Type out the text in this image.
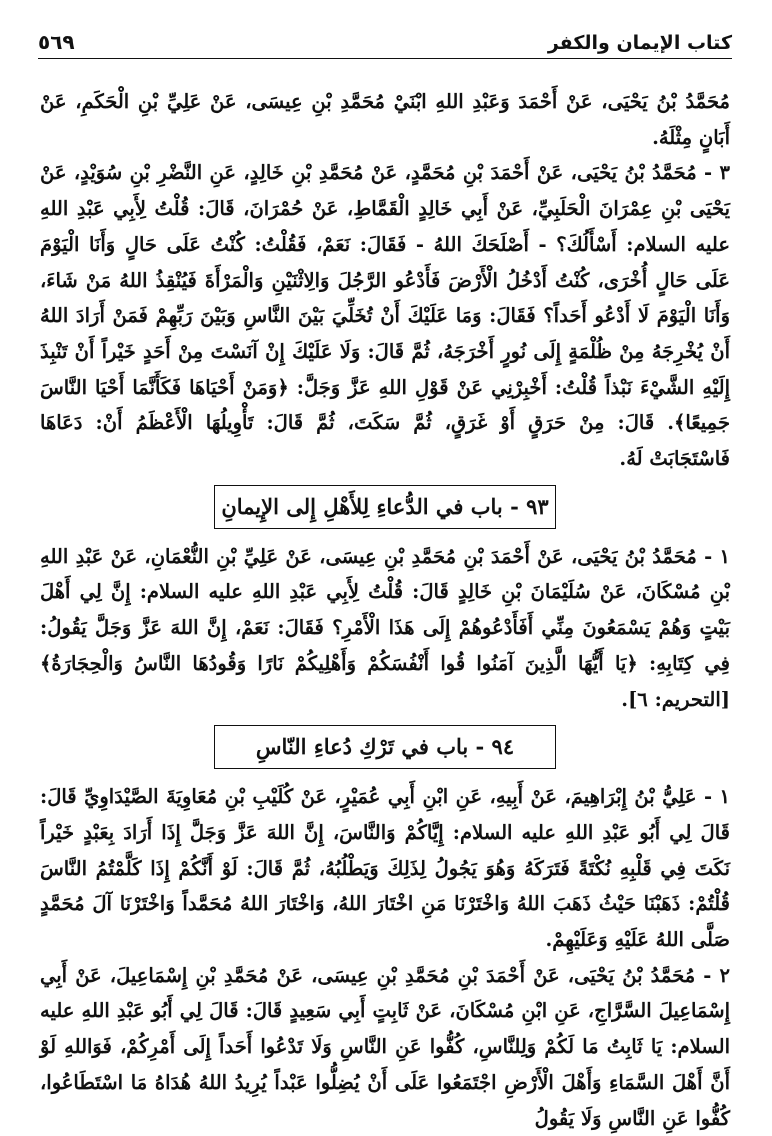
كتاب الإيمان والكفر
٥٦٩

مُحَمَّدُ بْنُ يَحْيَى، عَنْ أَحْمَدَ وَعَبْدِ اللهِ ابْنَيْ مُحَمَّدِ بْنِ عِيسَى، عَنْ عَلِيِّ بْنِ الْحَكَمِ، عَنْ أَبَانٍ مِثْلَهُ.

٣ - مُحَمَّدُ بْنُ يَحْيَى، عَنْ أَحْمَدَ بْنِ مُحَمَّدٍ، عَنْ مُحَمَّدِ بْنِ خَالِدٍ، عَنِ النَّضْرِ بْنِ سُوَيْدٍ، عَنْ يَحْيَى بْنِ عِمْرَانَ الْحَلَبِيِّ، عَنْ أَبِي خَالِدٍ الْقَمَّاطِ، عَنْ حُمْرَانَ، قَالَ: قُلْتُ لِأَبِي عَبْدِ اللهِ عليه السلام: أَسْأَلُكَ؟ - أَصْلَحَكَ اللهُ - فَقَالَ: نَعَمْ، فَقُلْتُ: كُنْتُ عَلَى حَالٍ وَأَنَا الْيَوْمَ عَلَى حَالٍ أُخْرَى، كُنْتُ أَدْخُلُ الْأَرْضَ فَأَدْعُو الرَّجُلَ وَالِاثْنَيْنِ وَالْمَرْأَةَ فَيُنْقِذُ اللهُ مَنْ شَاءَ، وَأَنَا الْيَوْمَ لَا أَدْعُو أَحَداً؟ فَقَالَ: وَمَا عَلَيْكَ أَنْ تُخَلِّيَ بَيْنَ النَّاسِ وَبَيْنَ رَبِّهِمْ فَمَنْ أَرَادَ اللهُ أَنْ يُخْرِجَهُ مِنْ ظُلْمَةٍ إِلَى نُورٍ أَخْرَجَهُ، ثُمَّ قَالَ: وَلَا عَلَيْكَ إِنْ آنَسْتَ مِنْ أَحَدٍ خَيْراً أَنْ تَنْبِذَ إِلَيْهِ الشَّيْءَ نَبْذاً قُلْتُ: أَخْبِرْنِي عَنْ قَوْلِ اللهِ عَزَّ وَجَلَّ: ﴿وَمَنْ أَحْيَاهَا فَكَأَنَّمَا أَحْيَا النَّاسَ جَمِيعًا﴾. قَالَ: مِنْ حَرَقٍ أَوْ غَرَقٍ، ثُمَّ سَكَتَ، ثُمَّ قَالَ: تَأْوِيلُهَا الْأَعْظَمُ أَنْ: دَعَاهَا فَاسْتَجَابَتْ لَهُ.

٩٣ - باب في الدُّعاءِ لِلأَهْلِ إِلى الإِيمانِ

١ - مُحَمَّدُ بْنُ يَحْيَى، عَنْ أَحْمَدَ بْنِ مُحَمَّدِ بْنِ عِيسَى، عَنْ عَلِيِّ بْنِ النُّعْمَانِ، عَنْ عَبْدِ اللهِ بْنِ مُسْكَانَ، عَنْ سُلَيْمَانَ بْنِ خَالِدٍ قَالَ: قُلْتُ لِأَبِي عَبْدِ اللهِ عليه السلام: إِنَّ لِي أَهْلَ بَيْتٍ وَهُمْ يَسْمَعُونَ مِنِّي أَفَأَدْعُوهُمْ إِلَى هَذَا الْأَمْرِ؟ فَقَالَ: نَعَمْ، إِنَّ اللهَ عَزَّ وَجَلَّ يَقُولُ: فِي كِتَابِهِ: ﴿يَا أَيُّهَا الَّذِينَ آمَنُوا قُوا أَنْفُسَكُمْ وَأَهْلِيكُمْ نَارًا وَقُودُهَا النَّاسُ وَالْحِجَارَةُ﴾ [التحريم: ٦].

٩٤ - باب في تَرْكِ دُعاءِ النّاسِ

١ - عَلِيُّ بْنُ إِبْرَاهِيمَ، عَنْ أَبِيهِ، عَنِ ابْنِ أَبِي عُمَيْرٍ، عَنْ كُلَيْبِ بْنِ مُعَاوِيَةَ الصَّيْدَاوِيِّ قَالَ: قَالَ لِي أَبُو عَبْدِ اللهِ عليه السلام: إِيَّاكُمْ وَالنَّاسَ، إِنَّ اللهَ عَزَّ وَجَلَّ إِذَا أَرَادَ بِعَبْدٍ خَيْراً نَكَتَ فِي قَلْبِهِ نُكْتَةً فَتَرَكَهُ وَهُوَ يَجُولُ لِذَلِكَ وَيَطْلُبُهُ، ثُمَّ قَالَ: لَوْ أَنَّكُمْ إِذَا كَلَّمْتُمُ النَّاسَ قُلْتُمْ: ذَهَبْنَا حَيْثُ ذَهَبَ اللهُ وَاخْتَرْنَا مَنِ اخْتَارَ اللهُ، وَاخْتَارَ اللهُ مُحَمَّداً وَاخْتَرْنَا آلَ مُحَمَّدٍ صَلَّى اللهُ عَلَيْهِ وَعَلَيْهِمْ.

٢ - مُحَمَّدُ بْنُ يَحْيَى، عَنْ أَحْمَدَ بْنِ مُحَمَّدِ بْنِ عِيسَى، عَنْ مُحَمَّدِ بْنِ إِسْمَاعِيلَ، عَنْ أَبِي إِسْمَاعِيلَ السَّرَّاجِ، عَنِ ابْنِ مُسْكَانَ، عَنْ ثَابِتٍ أَبِي سَعِيدٍ قَالَ: قَالَ لِي أَبُو عَبْدِ اللهِ عليه السلام: يَا ثَابِتُ مَا لَكُمْ وَلِلنَّاسِ، كُفُّوا عَنِ النَّاسِ وَلَا تَدْعُوا أَحَداً إِلَى أَمْرِكُمْ، فَوَاللهِ لَوْ أَنَّ أَهْلَ السَّمَاءِ وَأَهْلَ الْأَرْضِ اجْتَمَعُوا عَلَى أَنْ يُضِلُّوا عَبْداً يُرِيدُ اللهُ هُدَاهُ مَا اسْتَطَاعُوا، كُفُّوا عَنِ النَّاسِ وَلَا يَقُولُ
